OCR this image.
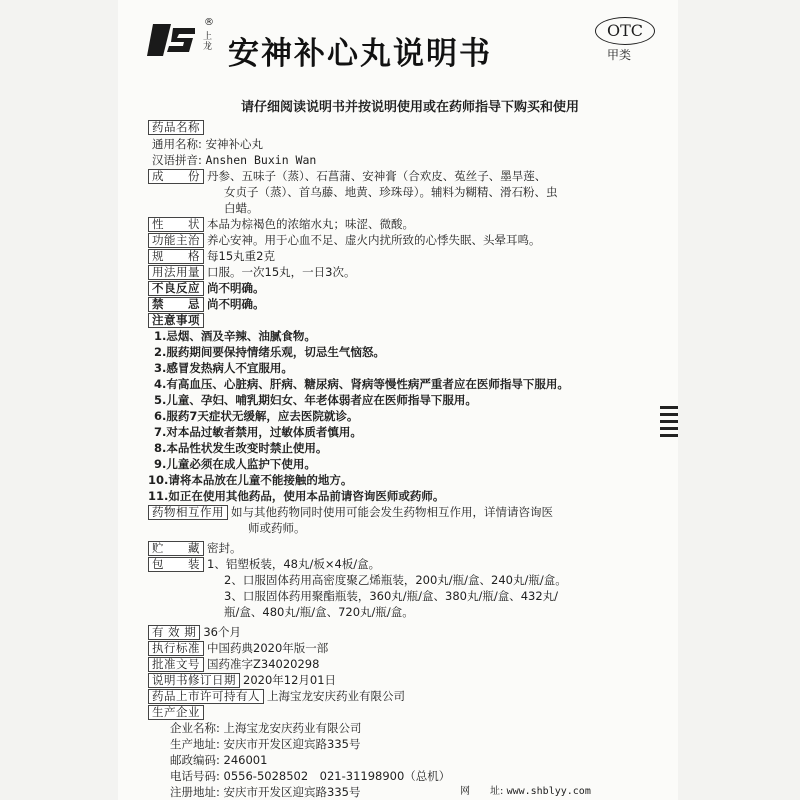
®
上龙 安神补心丸说明书
OTC
甲类
请仔细阅读说明书并按说明使用或在药师指导下购买和使用
药品名称
通用名称: 安神补心丸
汉语拼音: Anshen Buxin Wan
成　　份 丹参、五味子（蒸）、石菖蒲、安神膏（合欢皮、菟丝子、墨旱莲、
女贞子（蒸）、首乌藤、地黄、珍珠母）。辅料为糊精、滑石粉、虫
白蜡。
性　　状 本品为棕褐色的浓缩水丸；味涩、微酸。
功能主治 养心安神。用于心血不足、虚火内扰所致的心悸失眠、头晕耳鸣。
规　　格 每15丸重2克
用法用量 口服。一次15丸，一日3次。
不良反应 尚不明确。
禁　　忌 尚不明确。
注意事项
1.忌烟、酒及辛辣、油腻食物。
2.服药期间要保持情绪乐观，切忌生气恼怒。
3.感冒发热病人不宜服用。
4.有高血压、心脏病、肝病、糖尿病、肾病等慢性病严重者应在医师指导下服用。
5.儿童、孕妇、哺乳期妇女、年老体弱者应在医师指导下服用。
6.服药7天症状无缓解，应去医院就诊。
7.对本品过敏者禁用，过敏体质者慎用。
8.本品性状发生改变时禁止使用。
9.儿童必须在成人监护下使用。
10.请将本品放在儿童不能接触的地方。
11.如正在使用其他药品，使用本品前请咨询医师或药师。
药物相互作用 如与其他药物同时使用可能会发生药物相互作用，详情请咨询医
师或药师。
贮　　藏 密封。
包　　装 1、铝塑板装，48丸/板×4板/盒。
2、口服固体药用高密度聚乙烯瓶装，200丸/瓶/盒、240丸/瓶/盒。
3、口服固体药用聚酯瓶装，360丸/瓶/盒、380丸/瓶/盒、432丸/
瓶/盒、480丸/瓶/盒、720丸/瓶/盒。
有 效 期 36个月
执行标准 中国药典2020年版一部
批准文号 国药准字Z34020298
说明书修订日期 2020年12月01日
药品上市许可持有人 上海宝龙安庆药业有限公司
生产企业
企业名称: 上海宝龙安庆药业有限公司
生产地址: 安庆市开发区迎宾路335号
邮政编码: 246001
电话号码: 0556-5028502　021-31198900（总机）
注册地址: 安庆市开发区迎宾路335号	网　　址: www.shblyy.com
